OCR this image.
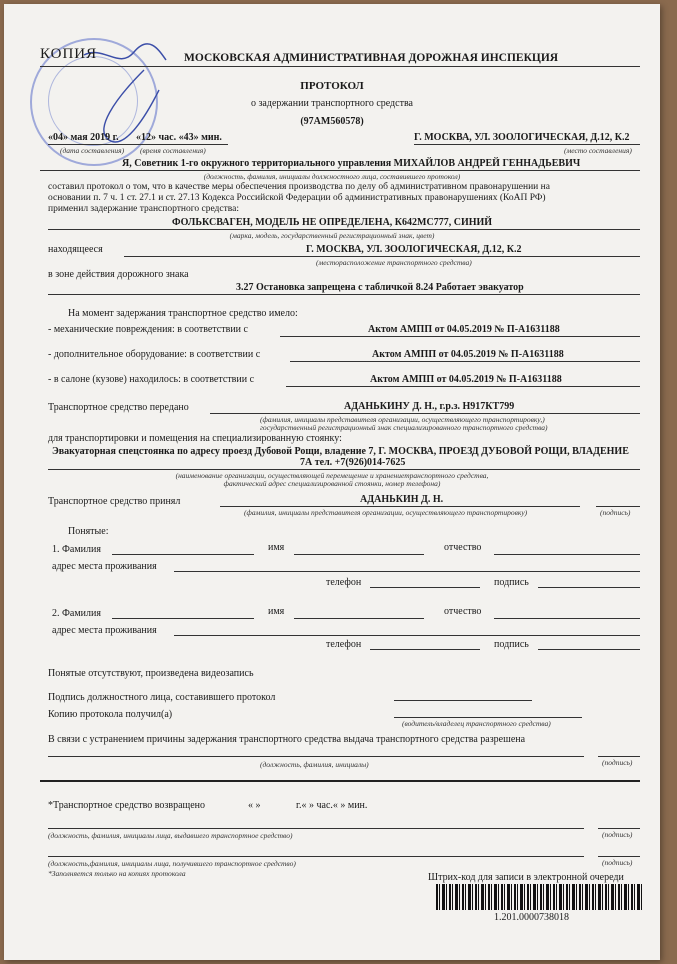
КОПИЯ	МОСКОВСКАЯ АДМИНИСТРАТИВНАЯ ДОРОЖНАЯ ИНСПЕКЦИЯ
ПРОТОКОЛ
о задержании транспортного средства
(97АМ560578)
«04» мая 2019 г. «12» час. «43» мин.	Г. МОСКВА, УЛ. ЗООЛОГИЧЕСКАЯ, Д.12, К.2
(дата составления) (время составления)	(место составления)
Я, Советник 1-го окружного территориального управления МИХАЙЛОВ АНДРЕЙ ГЕННАДЬЕВИЧ
(должность, фамилия, инициалы должностного лица, составившего протокол)
составил протокол о том, что в качестве меры обеспечения производства по делу об административном правонарушении на
основании п. 7 ч. 1 ст. 27.1 и ст. 27.13 Кодекса Российской Федерации об административных правонарушениях (КоАП РФ)
применил задержание транспортного средства:
ФОЛЬКСВАГЕН, МОДЕЛЬ НЕ ОПРЕДЕЛЕНА, К642МС777, СИНИЙ
(марка, модель, государственный регистрационный знак, цвет)
находящееся	Г. МОСКВА, УЛ. ЗООЛОГИЧЕСКАЯ, Д.12, К.2
(месторасположение транспортного средства)
в зоне действия дорожного знака
3.27 Остановка запрещена с табличкой 8.24 Работает эвакуатор
На момент задержания транспортное средство имело:
- механические повреждения: в соответствии с	Актом АМПП от 04.05.2019 № П-А1631188
- дополнительное оборудование: в соответствии с	Актом АМПП от 04.05.2019 № П-А1631188
- в салоне (кузове) находилось: в соответствии с	Актом АМПП от 04.05.2019 № П-А1631188
Транспортное средство передано	АДАНЬКИНУ Д. Н., г.р.з. Н917КТ799
(фамилия, инициалы представителя организации, осуществляющего транспортировку,)
государственный регистрационный знак специализированного транспортного средства)
для транспортировки и помещения на специализированную стоянку:
Эвакуаторная спецстоянка по адресу проезд Дубовой Рощи, владение 7, Г. МОСКВА, ПРОЕЗД ДУБОВОЙ РОЩИ, ВЛАДЕНИЕ
7А тел. +7(926)014-7625
(наименование организации, осуществляющей перемещение и хранениетранспортного средства,
фактический адрес специализированной стоянки, номер телефона)
Транспортное средство принял	АДАНЬКИН Д. Н.
(фамилия, инициалы представителя организации, осуществляющего транспортировку)	(подпись)
Понятые:
1. Фамилия	имя	отчество
адрес места проживания
телефон	подпись
2. Фамилия	имя	отчество
адрес места проживания
телефон	подпись
Понятые отсутствуют, произведена видеозапись
Подпись должностного лица, составившего протокол
Копию протокола получил(а)
(водитель/владелец транспортного средства)
В связи с устранением причины задержания транспортного средства выдача транспортного средства разрешена
(должность, фамилия, инициалы)	(подпись)
*Транспортное средство возвращено	« »	г.« » час.« » мин.
(должность, фамилия, инициалы лица, выдавшего транспортное средство)	(подпись)
(должность,фамилия, инициалы лица, получившего транспортное средство)	(подпись)
*Заполняется только на копиях протокола	Штрих-код для записи в электронной очереди
1.201.0000738018
